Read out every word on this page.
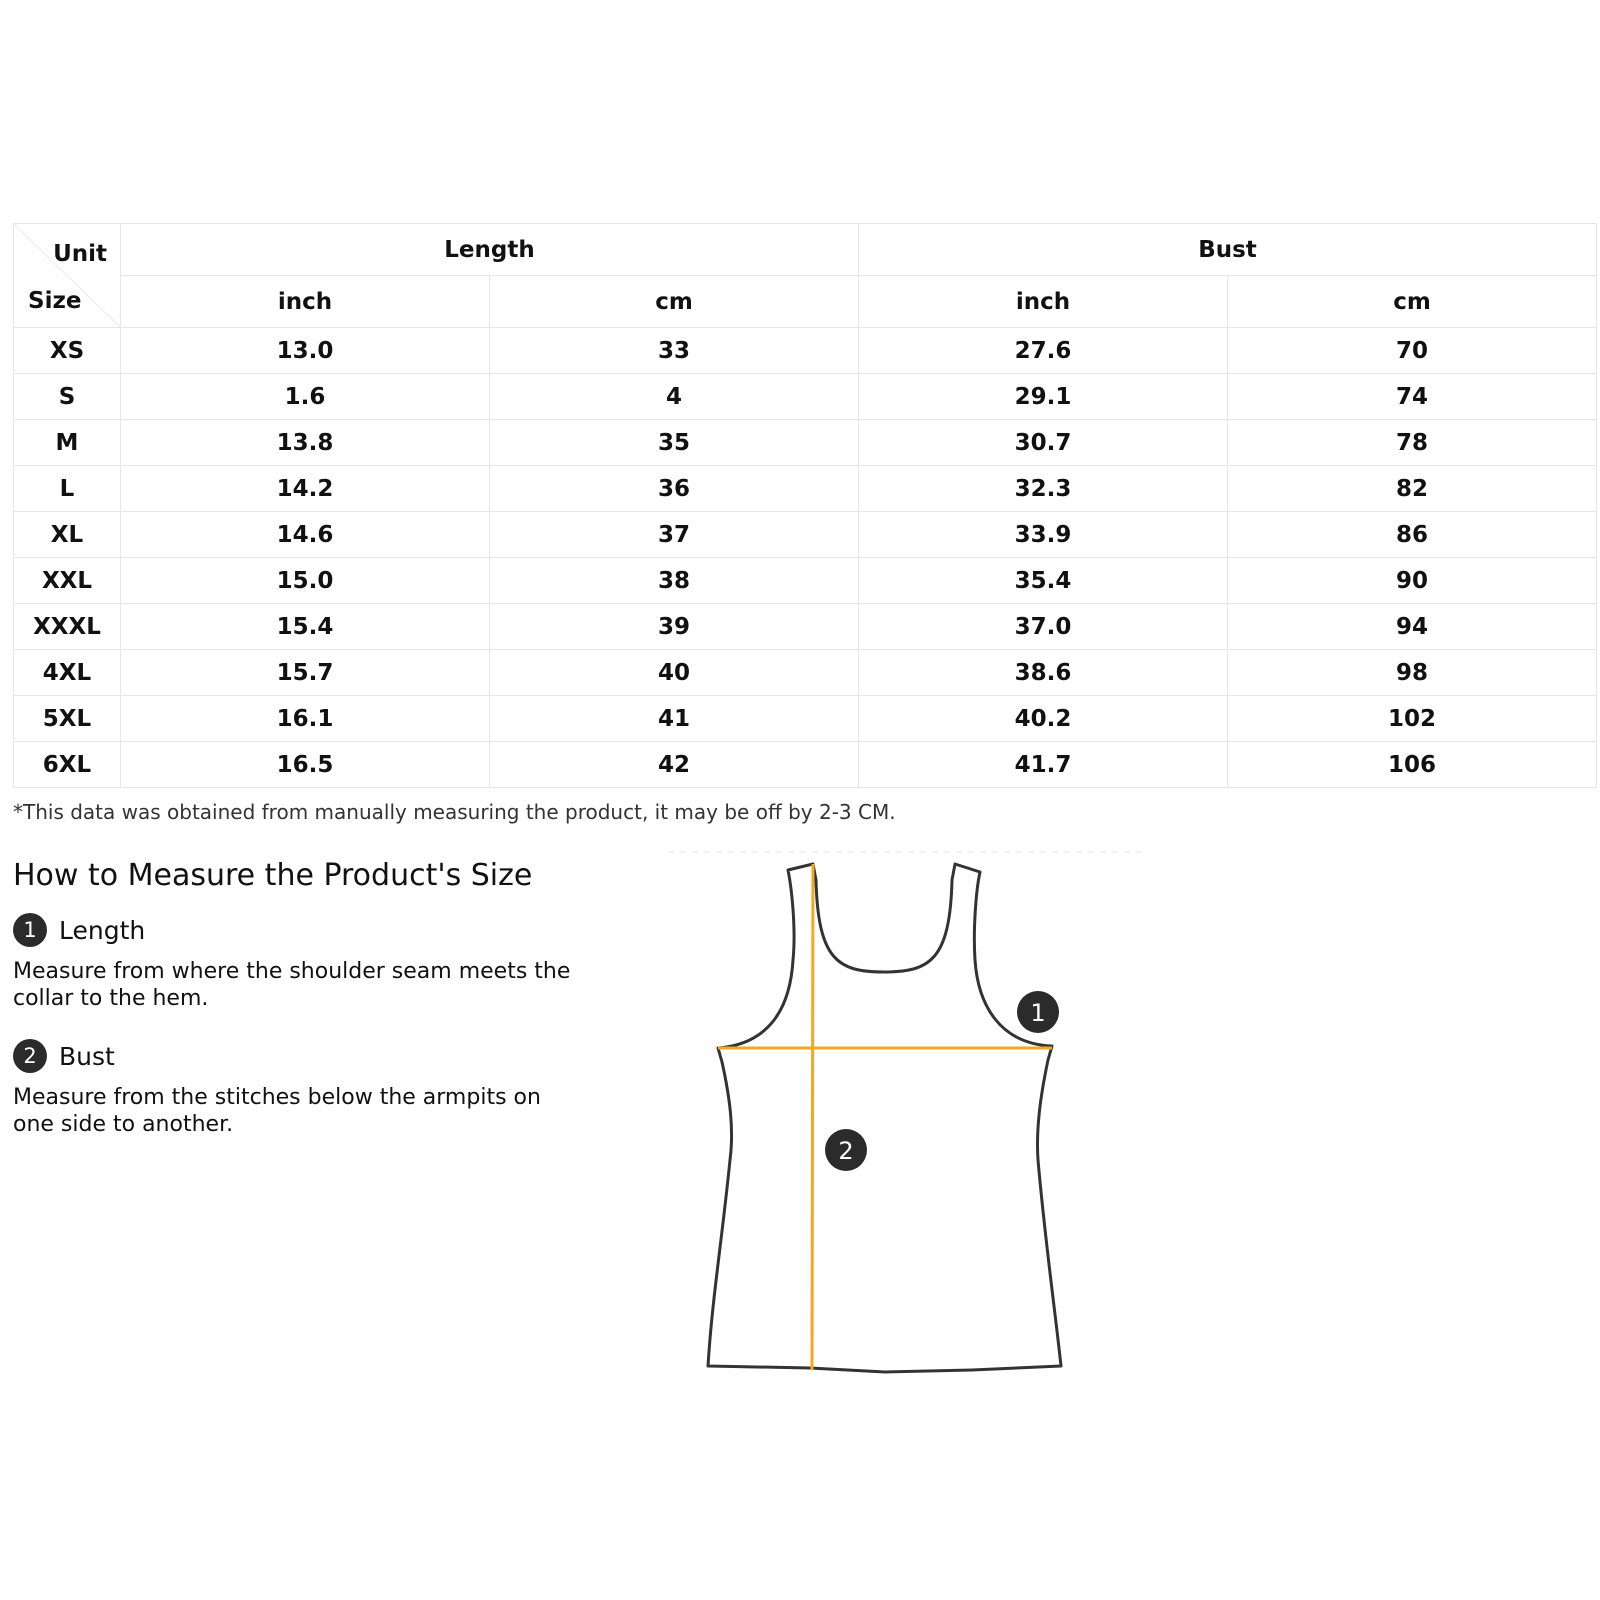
Unit
Size	Length		Bust	
	inch	cm	inch	cm
XS	13.0	33	27.6	70
S	1.6	4	29.1	74
M	13.8	35	30.7	78
L	14.2	36	32.3	82
XL	14.6	37	33.9	86
XXL	15.0	38	35.4	90
XXXL	15.4	39	37.0	94
4XL	15.7	40	38.6	98
5XL	16.1	41	40.2	102
6XL	16.5	42	41.7	106
*This data was obtained from manually measuring the product, it may be off by 2-3 CM.
How to Measure the Product's Size
1 Length
Measure from where the shoulder seam meets the collar to the hem.
2 Bust
Measure from the stitches below the armpits on one side to another.
1
2
